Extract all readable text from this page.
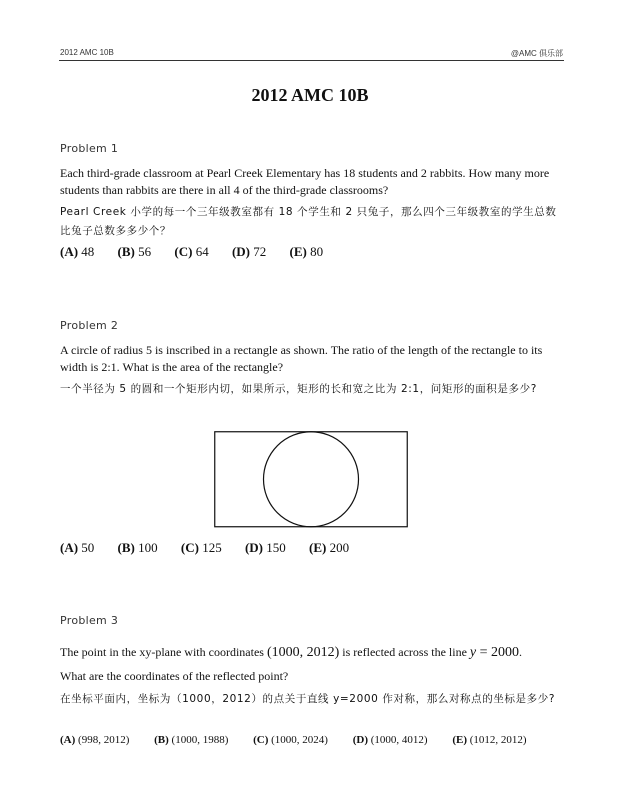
2012 AMC 10B	@AMC 俱乐部
2012 AMC 10B
Problem 1
Each third-grade classroom at Pearl Creek Elementary has 18 students and 2 rabbits. How many more students than rabbits are there in all 4 of the third-grade classrooms?
Pearl Creek 小学的每一个三年级教室都有 18 个学生和 2 只兔子，那么四个三年级教室的学生总数比兔子总数多多少个？
(A) 48 (B) 56 (C) 64 (D) 72 (E) 80
Problem 2
A circle of radius 5 is inscribed in a rectangle as shown. The ratio of the length of the rectangle to its width is 2:1. What is the area of the rectangle?
一个半径为 5 的圆和一个矩形内切，如果所示，矩形的长和宽之比为 2:1，问矩形的面积是多少?
(A) 50 (B) 100 (C) 125 (D) 150 (E) 200
Problem 3
The point in the xy-plane with coordinates (1000, 2012) is reflected across the line y = 2000.
What are the coordinates of the reflected point?
在坐标平面内，坐标为（1000，2012）的点关于直线 y=2000 作对称，那么对称点的坐标是多少?
(A) (998, 2012) (B) (1000, 1988) (C) (1000, 2024) (D) (1000, 4012) (E) (1012, 2012)
